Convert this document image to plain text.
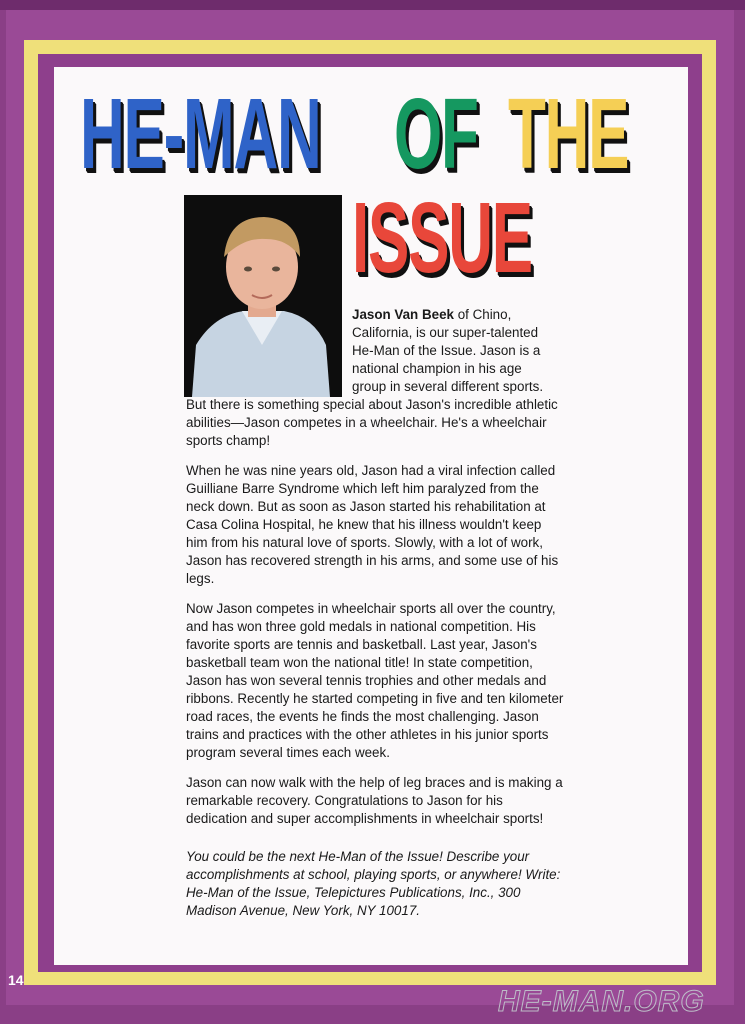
HE-MAN OF THE
ISSUE
Jason Van Beek of Chino,
California, is our super-talented
He-Man of the Issue. Jason is a
national champion in his age
group in several different sports.
But there is something special about Jason's incredible athletic abilities—Jason competes in a wheelchair. He's a wheelchair sports champ!

When he was nine years old, Jason had a viral infection called Guilliane Barre Syndrome which left him paralyzed from the neck down. But as soon as Jason started his rehabilitation at Casa Colina Hospital, he knew that his illness wouldn't keep him from his natural love of sports. Slowly, with a lot of work, Jason has recovered strength in his arms, and some use of his legs.

Now Jason competes in wheelchair sports all over the country, and has won three gold medals in national competition. His favorite sports are tennis and basketball. Last year, Jason's basketball team won the national title! In state competition, Jason has won several tennis trophies and other medals and ribbons. Recently he started competing in five and ten kilometer road races, the events he finds the most challenging. Jason trains and practices with the other athletes in his junior sports program several times each week.

Jason can now walk with the help of leg braces and is making a remarkable recovery. Congratulations to Jason for his dedication and super accomplishments in wheelchair sports!

You could be the next He-Man of the Issue! Describe your accomplishments at school, playing sports, or anywhere! Write: He-Man of the Issue, Telepictures Publications, Inc., 300 Madison Avenue, New York, NY 10017.

14
HE-MAN.ORG
